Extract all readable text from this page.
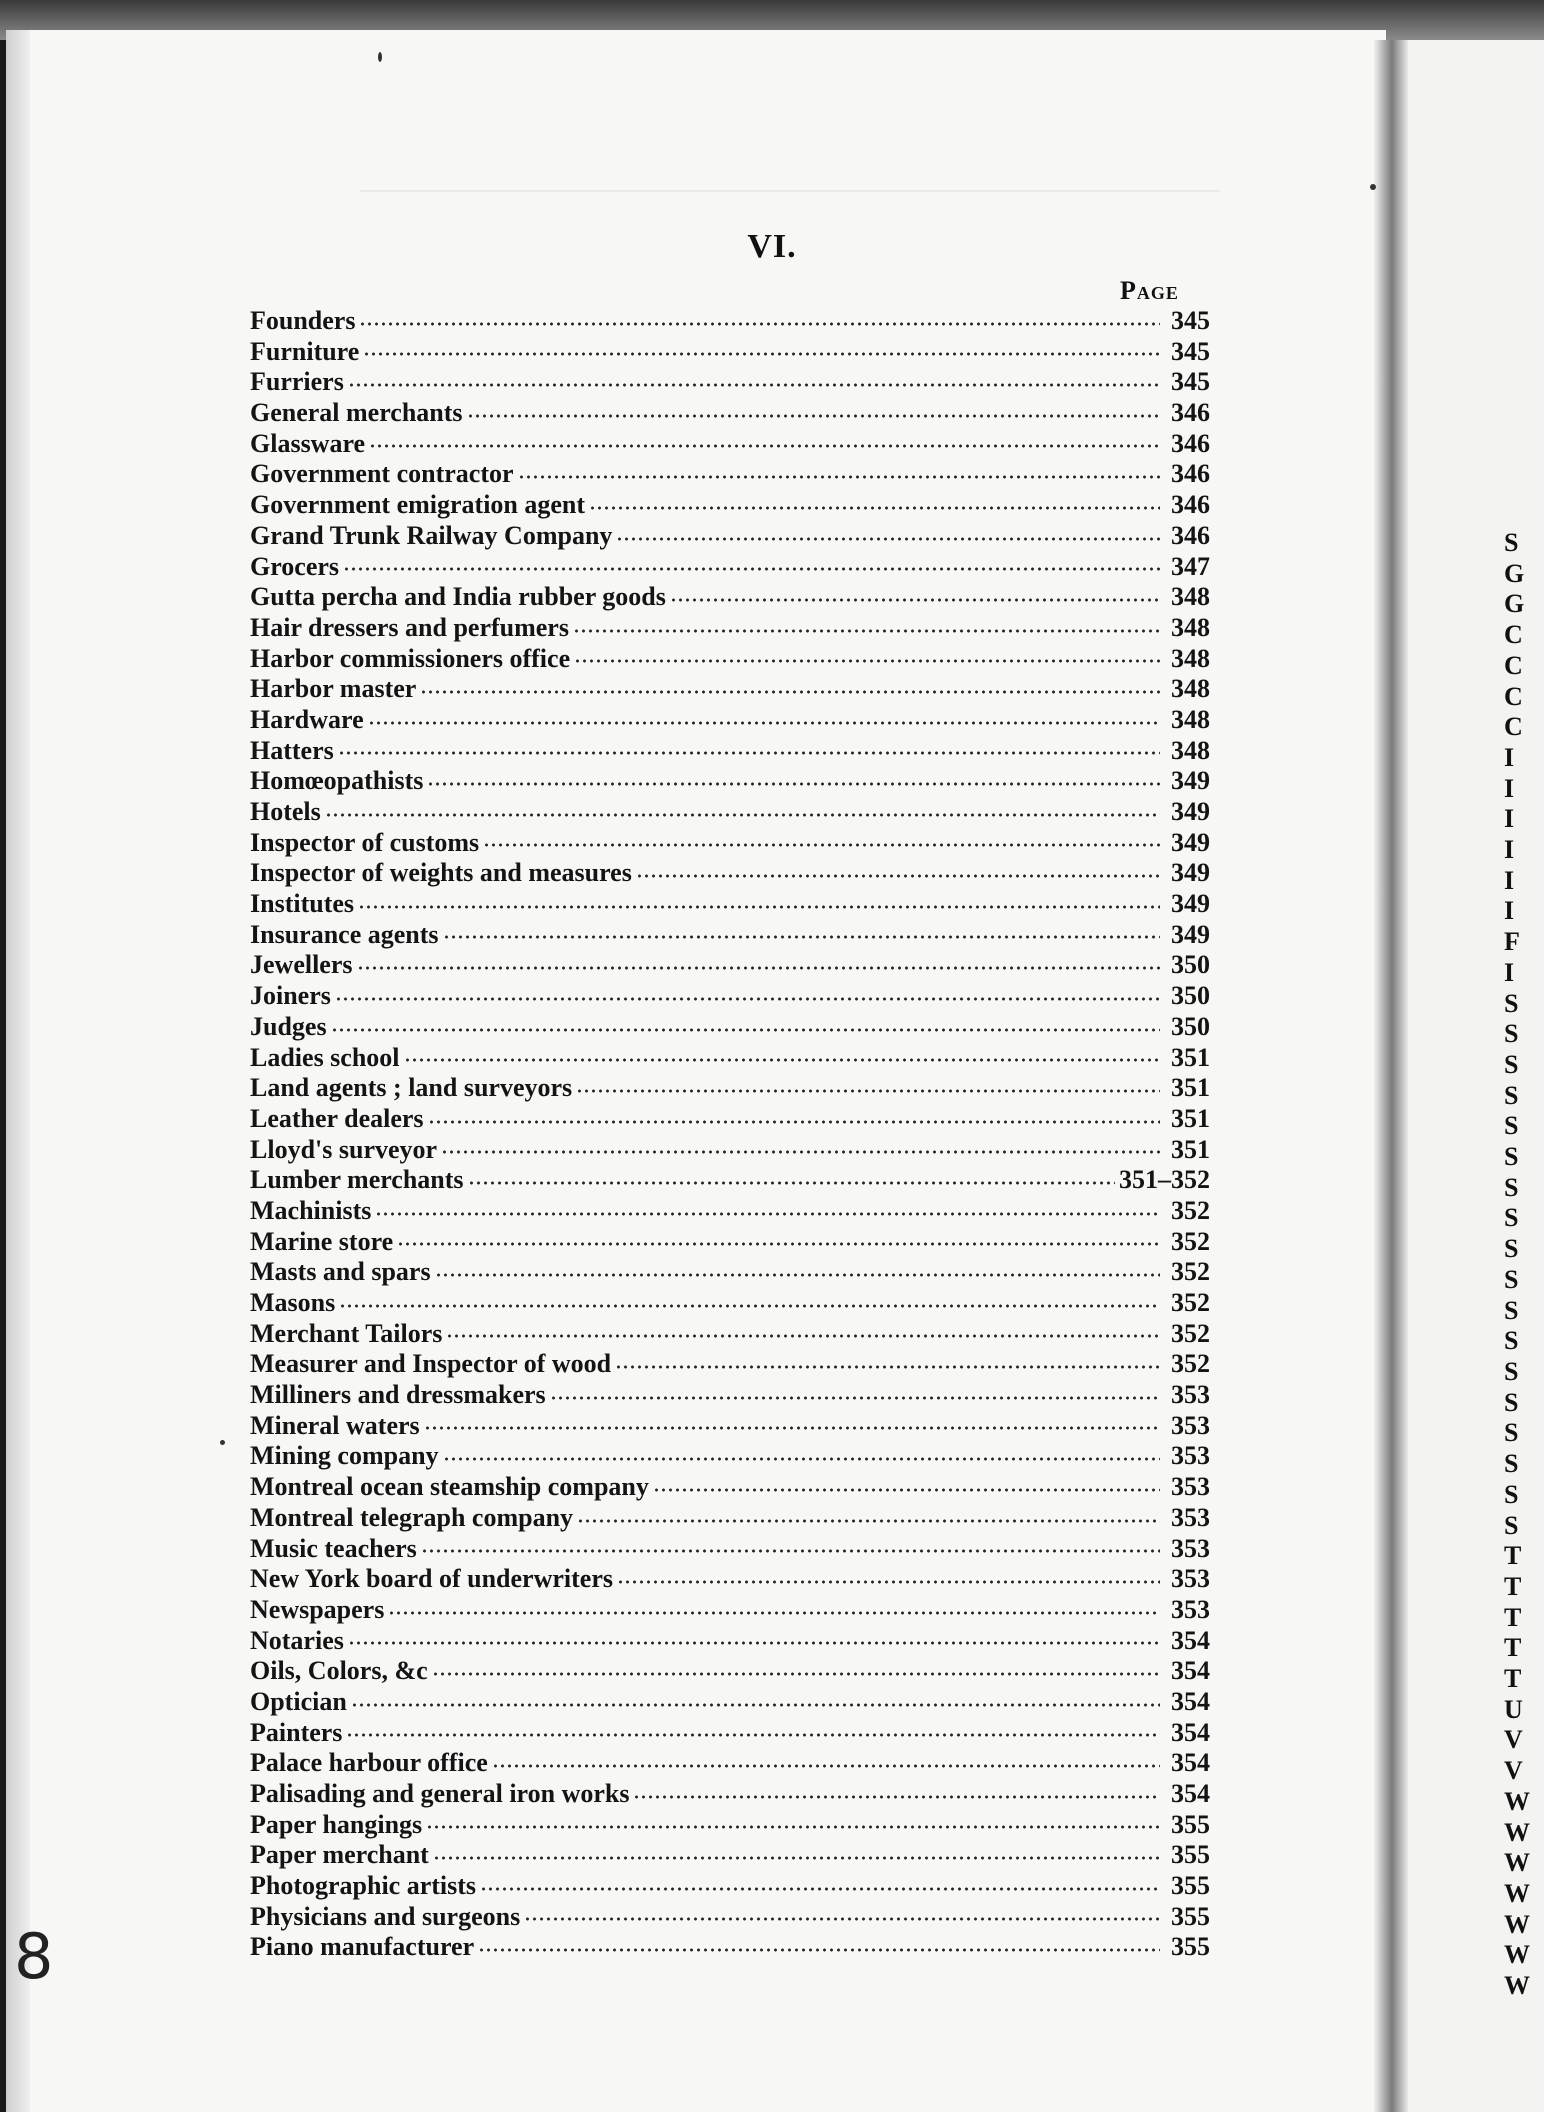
VI.
Page
Founders	345
Furniture	345
Furriers	345
General merchants	346
Glassware	346
Government contractor	346
Government emigration agent	346
Grand Trunk Railway Company	346
Grocers	347
Gutta percha and India rubber goods	348
Hair dressers and perfumers	348
Harbor commissioners office	348
Harbor master	348
Hardware	348
Hatters	348
Homœopathists	349
Hotels	349
Inspector of customs	349
Inspector of weights and measures	349
Institutes	349
Insurance agents	349
Jewellers	350
Joiners	350
Judges	350
Ladies school	351
Land agents ; land surveyors	351
Leather dealers	351
Lloyd's surveyor	351
Lumber merchants	351–352
Machinists	352
Marine store	352
Masts and spars	352
Masons	352
Merchant Tailors	352
Measurer and Inspector of wood	352
Milliners and dressmakers	353
Mineral waters	353
Mining company	353
Montreal ocean steamship company	353
Montreal telegraph company	353
Music teachers	353
New York board of underwriters	353
Newspapers	353
Notaries	354
Oils, Colors, &c	354
Optician	354
Painters	354
Palace harbour office	354
Palisading and general iron works	354
Paper hangings	355
Paper merchant	355
Photographic artists	355
Physicians and surgeons	355
Piano manufacturer	355
8
S
G
G
C
C
C
C
I
I
I
I
I
I
F
I
S
S
S
S
S
S
S
S
S
S
S
S
S
S
S
S
S
S
T
T
T
T
T
U
V
V
W
W
W
W
W
W
W
